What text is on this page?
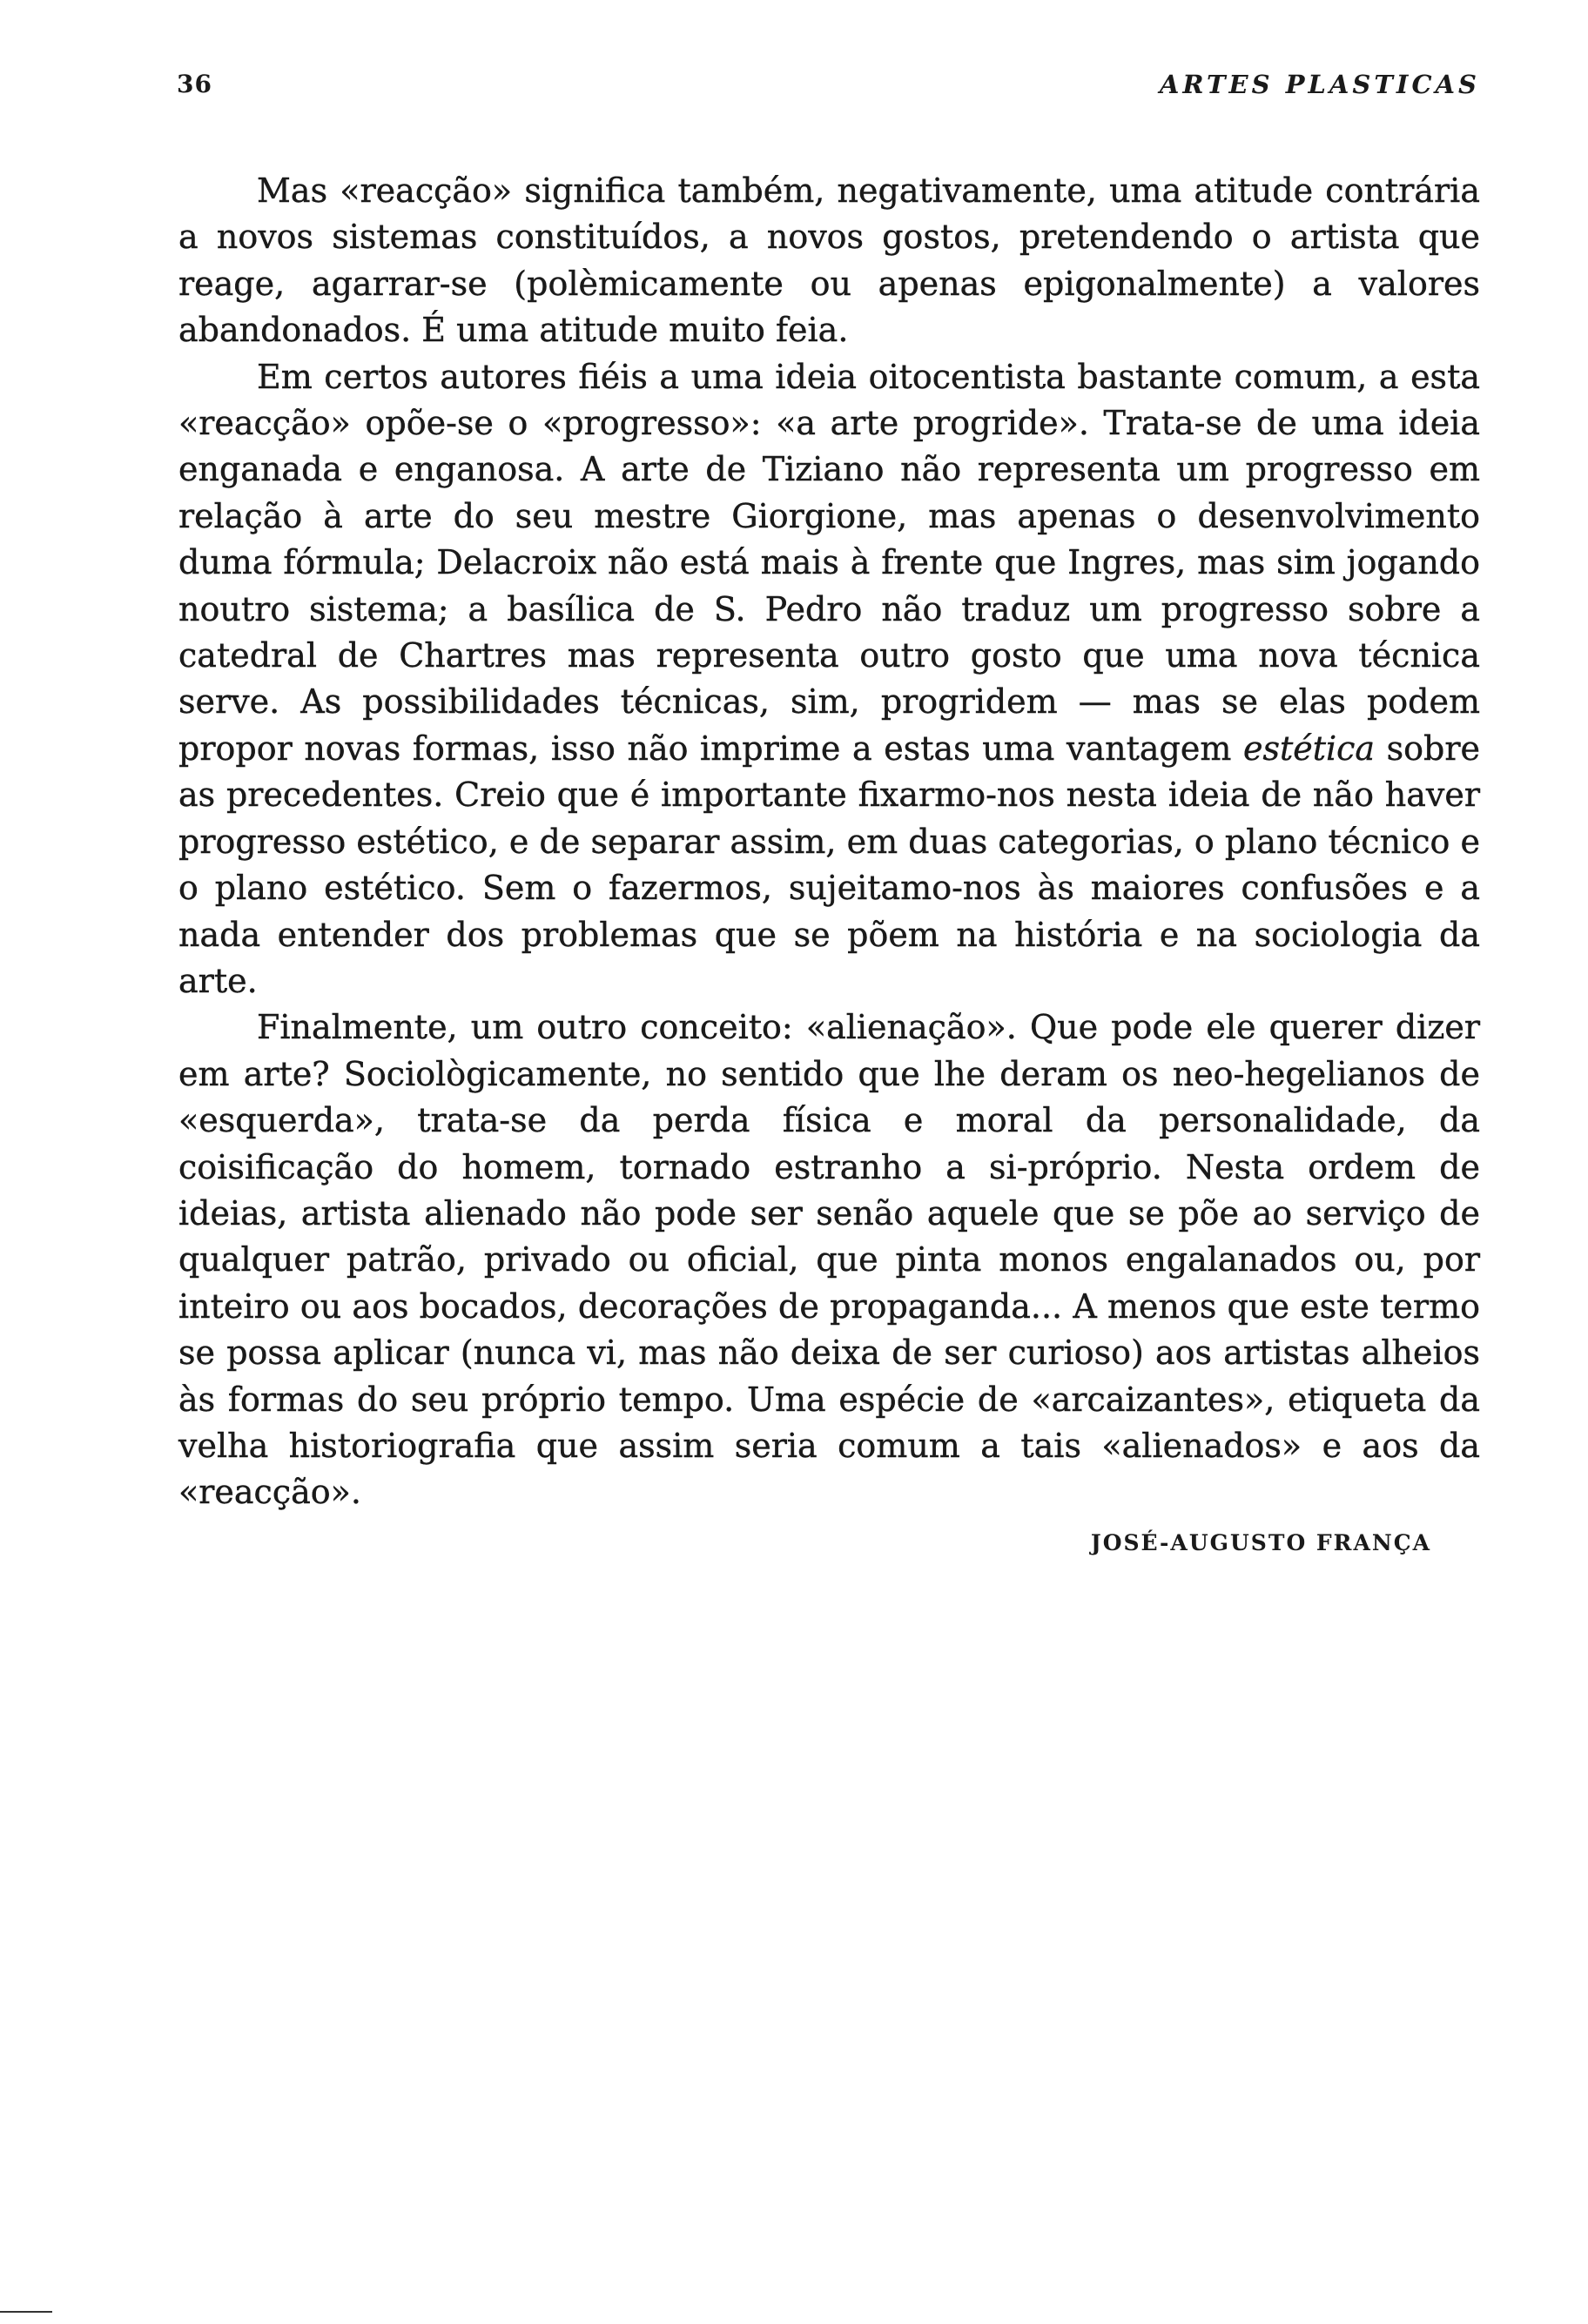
36	ARTES PLASTICAS

Mas «reacção» significa também, negativamente, uma atitude contrária a novos sistemas constituídos, a novos gostos, pretendendo o artista que reage, agarrar-se (polèmicamente ou apenas epigonalmente) a valores abandonados. É uma atitude muito feia.

Em certos autores fiéis a uma ideia oitocentista bastante comum, a esta «reacção» opõe-se o «progresso»: «a arte progride». Trata-se de uma ideia enganada e enganosa. A arte de Tiziano não representa um progresso em relação à arte do seu mestre Giorgione, mas apenas o desenvolvimento duma fórmula; Delacroix não está mais à frente que Ingres, mas sim jogando noutro sistema; a basílica de S. Pedro não traduz um progresso sobre a catedral de Chartres mas representa outro gosto que uma nova técnica serve. As possibilidades técnicas, sim, progridem — mas se elas podem propor novas formas, isso não imprime a estas uma vantagem estética sobre as precedentes. Creio que é importante fixarmo-nos nesta ideia de não haver progresso estético, e de separar assim, em duas categorias, o plano técnico e o plano estético. Sem o fazermos, sujeitamo-nos às maiores confusões e a nada entender dos problemas que se põem na história e na sociologia da arte.

Finalmente, um outro conceito: «alienação». Que pode ele querer dizer em arte? Sociològicamente, no sentido que lhe deram os neo-hegelianos de «esquerda», trata-se da perda física e moral da personalidade, da coisificação do homem, tornado estranho a si-próprio. Nesta ordem de ideias, artista alienado não pode ser senão aquele que se põe ao serviço de qualquer patrão, privado ou oficial, que pinta monos engalanados ou, por inteiro ou aos bocados, decorações de propaganda... A menos que este termo se possa aplicar (nunca vi, mas não deixa de ser curioso) aos artistas alheios às formas do seu próprio tempo. Uma espécie de «arcaizantes», etiqueta da velha historiografia que assim seria comum a tais «alienados» e aos da «reacção».

JOSÉ-AUGUSTO FRANÇA
